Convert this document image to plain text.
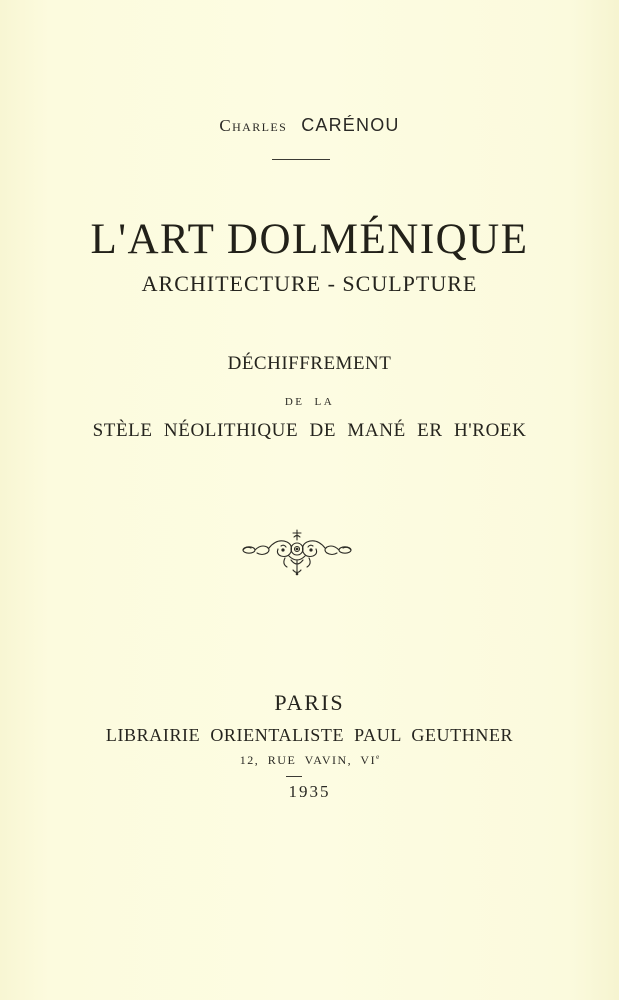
Charles CARÉNOU
L'ART DOLMÉNIQUE
ARCHITECTURE - SCULPTURE
DÉCHIFFREMENT
DE LA
STÈLE NÉOLITHIQUE DE MANÉ ER H'ROEK
PARIS
LIBRAIRIE ORIENTALISTE PAUL GEUTHNER
12, RUE VAVIN, VIe
1935
